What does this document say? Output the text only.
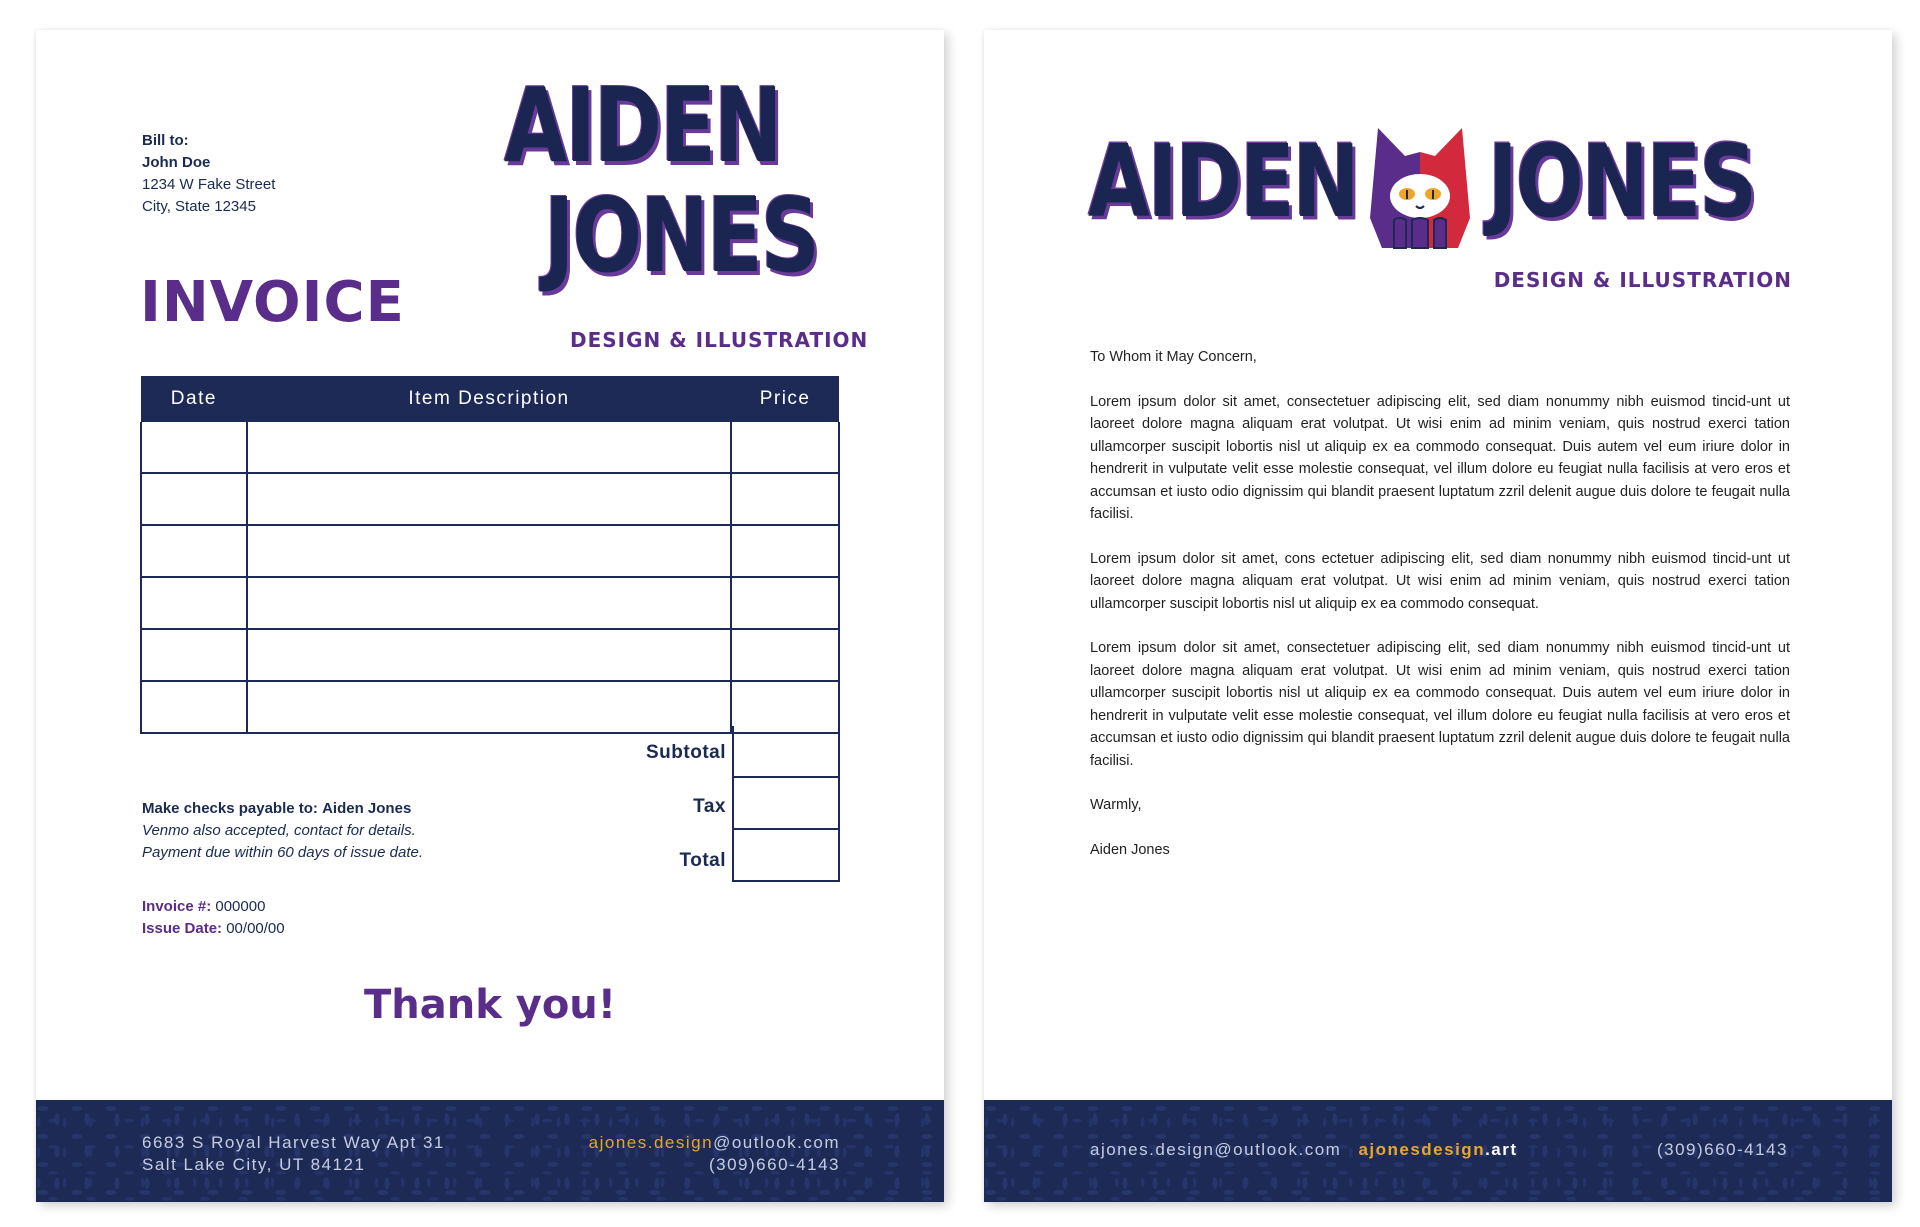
Bill to:
John Doe
1234 W Fake Street
City, State 12345
INVOICE
AIDEN
JONES
DESIGN & ILLUSTRATION
Date	Item Description	Price

Subtotal
Tax
Total
Make checks payable to: Aiden Jones
Venmo also accepted, contact for details.
Payment due within 60 days of issue date.
Invoice #: 000000
Issue Date: 00/00/00
Thank you!
6683 S Royal Harvest Way Apt 31
Salt Lake City, UT 84121
ajones.design@outlook.com
(309)660-4143
AIDEN JONES
DESIGN & ILLUSTRATION

To Whom it May Concern,

Lorem ipsum dolor sit amet, consectetuer adipiscing elit, sed diam nonummy nibh euismod tincid-unt ut laoreet dolore magna aliquam erat volutpat. Ut wisi enim ad minim veniam, quis nostrud exerci tation ullamcorper suscipit lobortis nisl ut aliquip ex ea commodo consequat. Duis autem vel eum iriure dolor in hendrerit in vulputate velit esse molestie consequat, vel illum dolore eu feugiat nulla facilisis at vero eros et accumsan et iusto odio dignissim qui blandit praesent luptatum zzril delenit augue duis dolore te feugait nulla facilisi.

Lorem ipsum dolor sit amet, cons ectetuer adipiscing elit, sed diam nonummy nibh euismod tincid-unt ut laoreet dolore magna aliquam erat volutpat. Ut wisi enim ad minim veniam, quis nostrud exerci tation ullamcorper suscipit lobortis nisl ut aliquip ex ea commodo consequat.

Lorem ipsum dolor sit amet, consectetuer adipiscing elit, sed diam nonummy nibh euismod tincid-unt ut laoreet dolore magna aliquam erat volutpat. Ut wisi enim ad minim veniam, quis nostrud exerci tation ullamcorper suscipit lobortis nisl ut aliquip ex ea commodo consequat. Duis autem vel eum iriure dolor in hendrerit in vulputate velit esse molestie consequat, vel illum dolore eu feugiat nulla facilisis at vero eros et accumsan et iusto odio dignissim qui blandit praesent luptatum zzril delenit augue duis dolore te feugait nulla facilisi.

Warmly,

Aiden Jones

ajones.design@outlook.com	ajonesdesign.art	(309)660-4143
